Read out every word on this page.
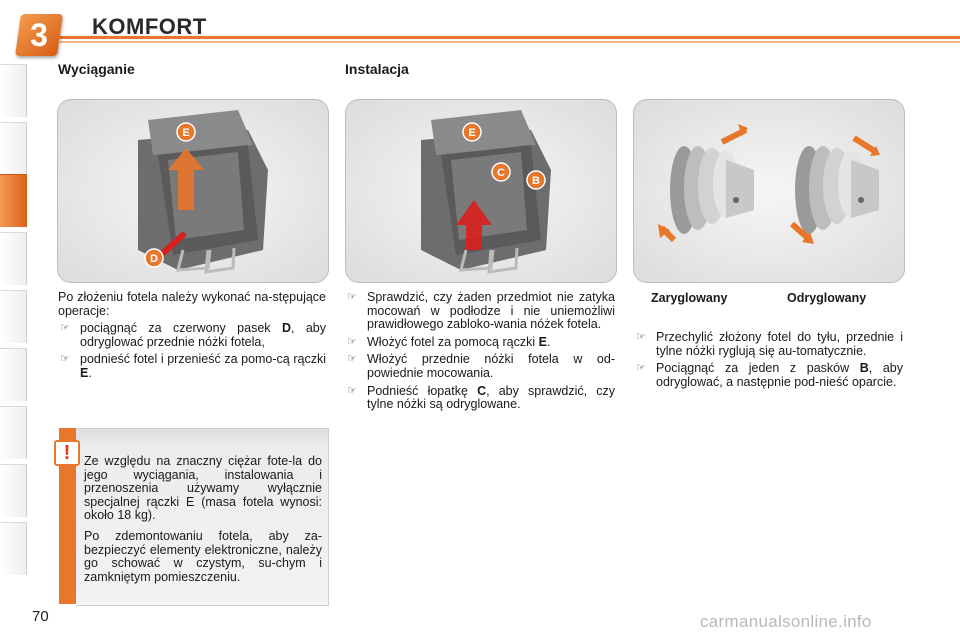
3	KOMFORT
Wyciąganie	Instalacja
E
D
E
C
B
Zaryglowany	Odryglowany

Po złożeniu fotela należy wykonać na-stępujące operacje:

☞ pociągnąć za czerwony pasek D, aby odryglować przednie nóżki fotela,
☞ podnieść fotel i przenieść za pomo-cą rączki E.
☞ Sprawdzić, czy żaden przedmiot nie zatyka mocowań w podłodze i nie uniemożliwi prawidłowego zabloko-wania nóżek fotela.
☞ Włożyć fotel za pomocą rączki E.
☞ Włożyć przednie nóżki fotela w od-powiednie mocowania.
☞ Podnieść łopatkę C, aby sprawdzić, czy tylne nóżki są odryglowane.
☞ Przechylić złożony fotel do tyłu, przednie i tylne nóżki ryglują się au-tomatycznie.
☞ Pociągnąć za jeden z pasków B, aby odryglować, a następnie pod-nieść oparcie.
!	Ze względu na znaczny ciężar fote-la do jego wyciągania, instalowania i przenoszenia używamy wyłącznie specjalnej rączki E (masa fotela wynosi: około 18 kg).

Po zdemontowaniu fotela, aby za-bezpieczyć elementy elektroniczne, należy go schować w czystym, su-chym i zamkniętym pomieszczeniu.

70	carmanualsonline.info
